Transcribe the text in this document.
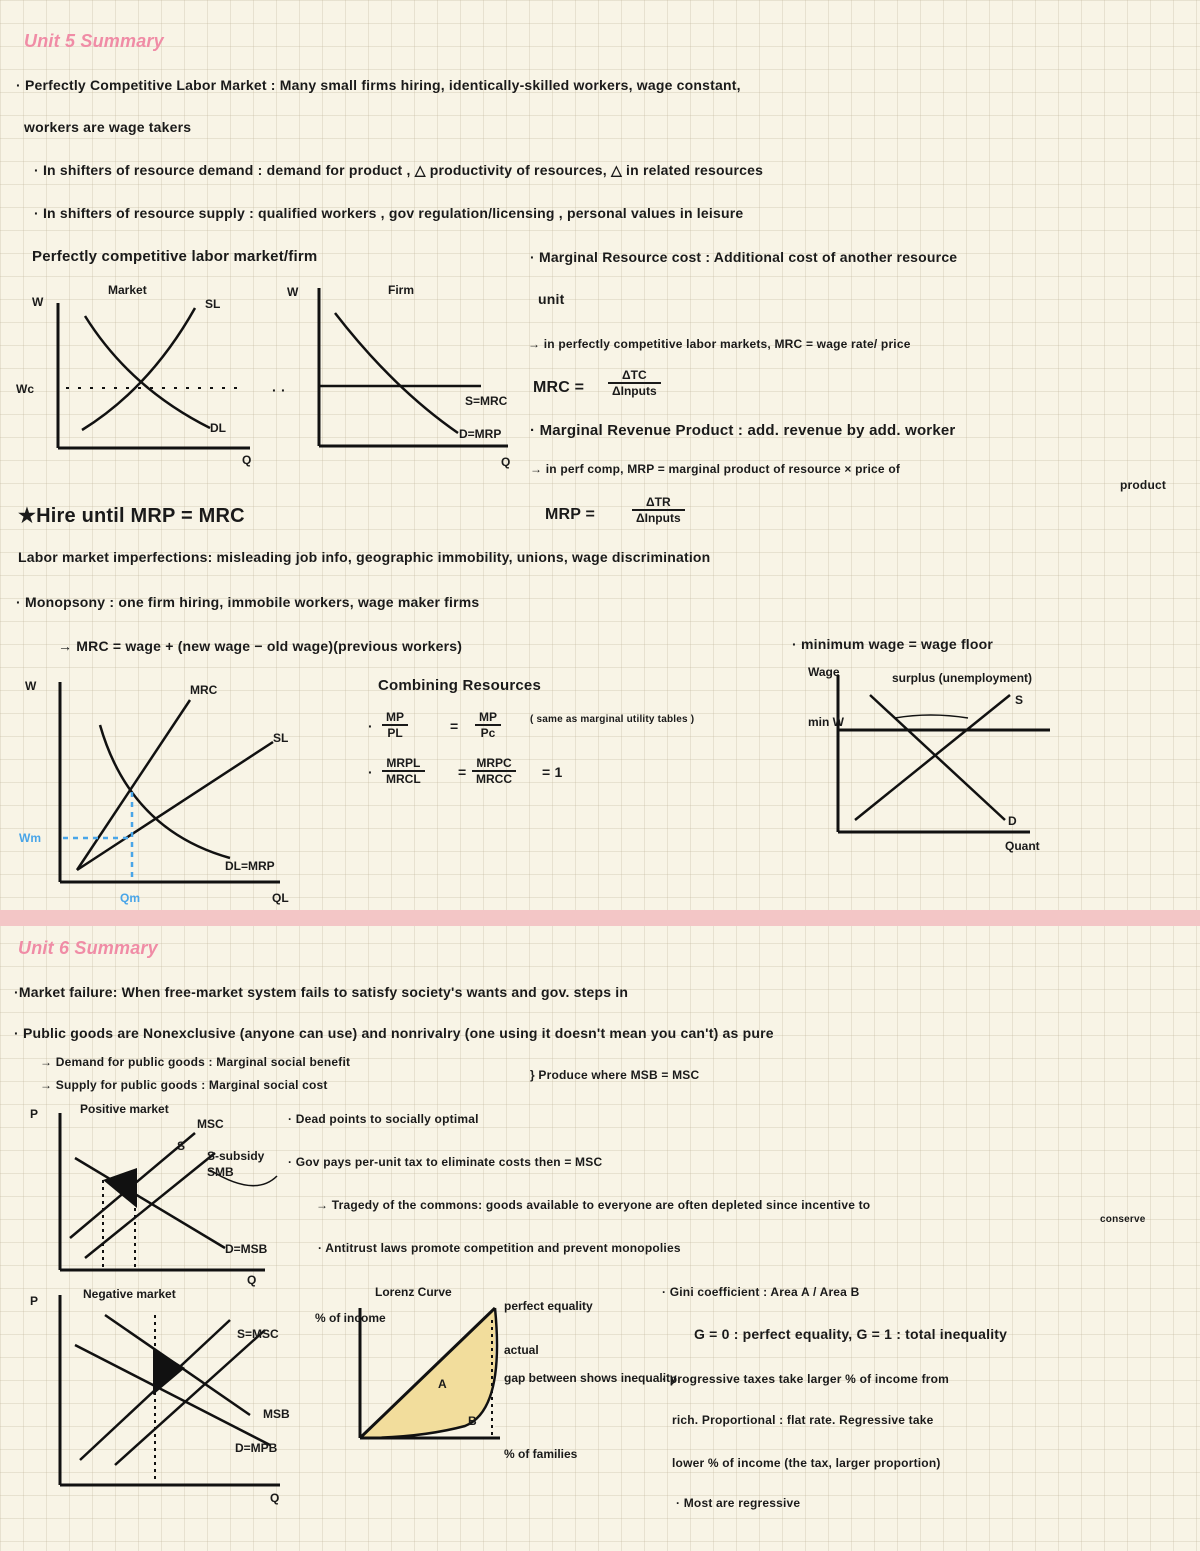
Unit 5 Summary
· Perfectly Competitive Labor Market : Many small firms hiring, identically-skilled workers, wage constant,
workers are wage takers
· In shifters of resource demand : demand for product , △ productivity of resources, △ in related resources
· In shifters of resource supply : qualified workers , gov regulation/licensing , personal values in leisure
Perfectly competitive labor market/firm
Market
W	SL
DL
Wc
Q
· ·
Firm
W
S=MRC
D=MRP
Q
· Marginal Resource cost : Additional cost of another resource
unit
→ in perfectly competitive labor markets, MRC = wage rate/ price
MRC =
ΔTC
ΔInputs
· Marginal Revenue Product : add. revenue by add. worker
→ in perf comp, MRP = marginal product of resource × price of
product
★Hire until MRP = MRC	MRP =
ΔTR
ΔInputs
Labor market imperfections: misleading job info, geographic immobility, unions, wage discrimination
· Monopsony : one firm hiring, immobile workers, wage maker firms
→ MRC = wage + (new wage − old wage)(previous workers)
W	MRC
SL
DL=MRP
Wm
Qm	QL
Combining Resources
· $\frac{MP}{PL}$	= $\frac{MP}{Pc}$	( same as marginal utility tables )
·
MRPL
MRCL	=
MRPC
MRCC = 1
· minimum wage = wage floor
Wage	surplus (unemployment)
min W
S
D
Quant
Unit 6 Summary
·Market failure: When free-market system fails to satisfy society's wants and gov. steps in
· Public goods are Nonexclusive (anyone can use) and nonrivalry (one using it doesn't mean you can't) as pure
→ Demand for public goods : Marginal social benefit
→ Supply for public goods : Marginal social cost
} Produce where MSB = MSC
P	Positive market
MSC
S
S-subsidy
SMB
D=MSB
Q
· Dead points to socially optimal
· Gov pays per-unit tax to eliminate costs then = MSC
→ Tragedy of the commons: goods available to everyone are often depleted since incentive to
conserve
· Antitrust laws promote competition and prevent monopolies
P	Negative market
S=MSC
MSB
D=MPB
Q
Lorenz Curve
% of income
perfect equality
actual
gap between shows inequality
A
B
% of families
· Gini coefficient : Area A / Area B
G = 0 : perfect equality, G = 1 : total inequality
· progressive taxes take larger % of income from
rich. Proportional : flat rate. Regressive take
lower % of income (the tax, larger proportion)
· Most are regressive
